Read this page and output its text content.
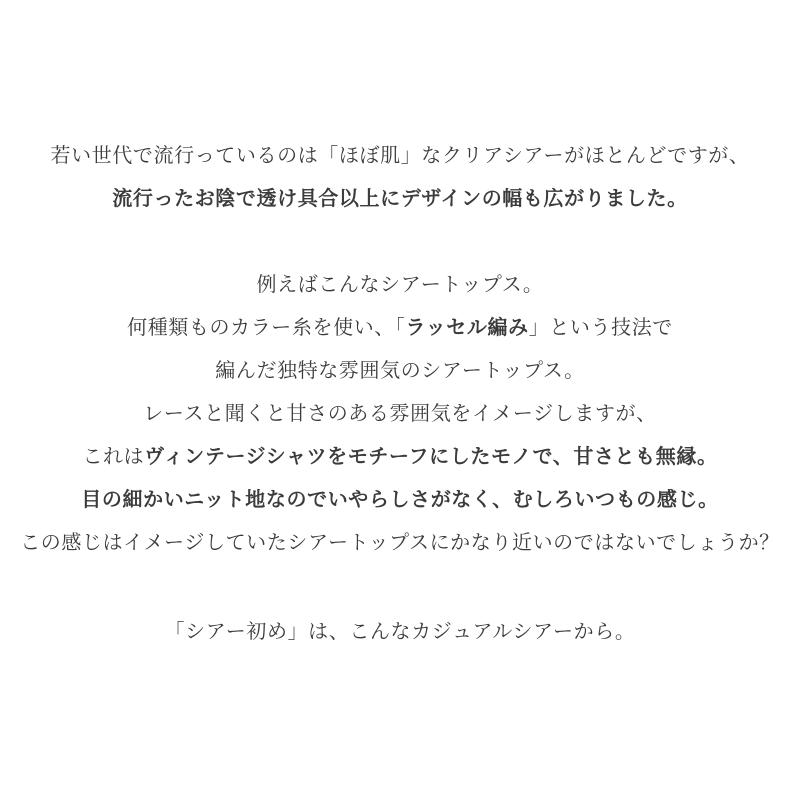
若い世代で流行っているのは「ほぼ肌」なクリアシアーがほとんどですが、
流行ったお陰で透け具合以上にデザインの幅も広がりました。

例えばこんなシアートップス。
何種類ものカラー糸を使い、「ラッセル編み」という技法で
編んだ独特な雰囲気のシアートップス。
レースと聞くと甘さのある雰囲気をイメージしますが、
これはヴィンテージシャツをモチーフにしたモノで、甘さとも無縁。
目の細かいニット地なのでいやらしさがなく、むしろいつもの感じ。
この感じはイメージしていたシアートップスにかなり近いのではないでしょうか？

「シアー初め」は、こんなカジュアルシアーから。
